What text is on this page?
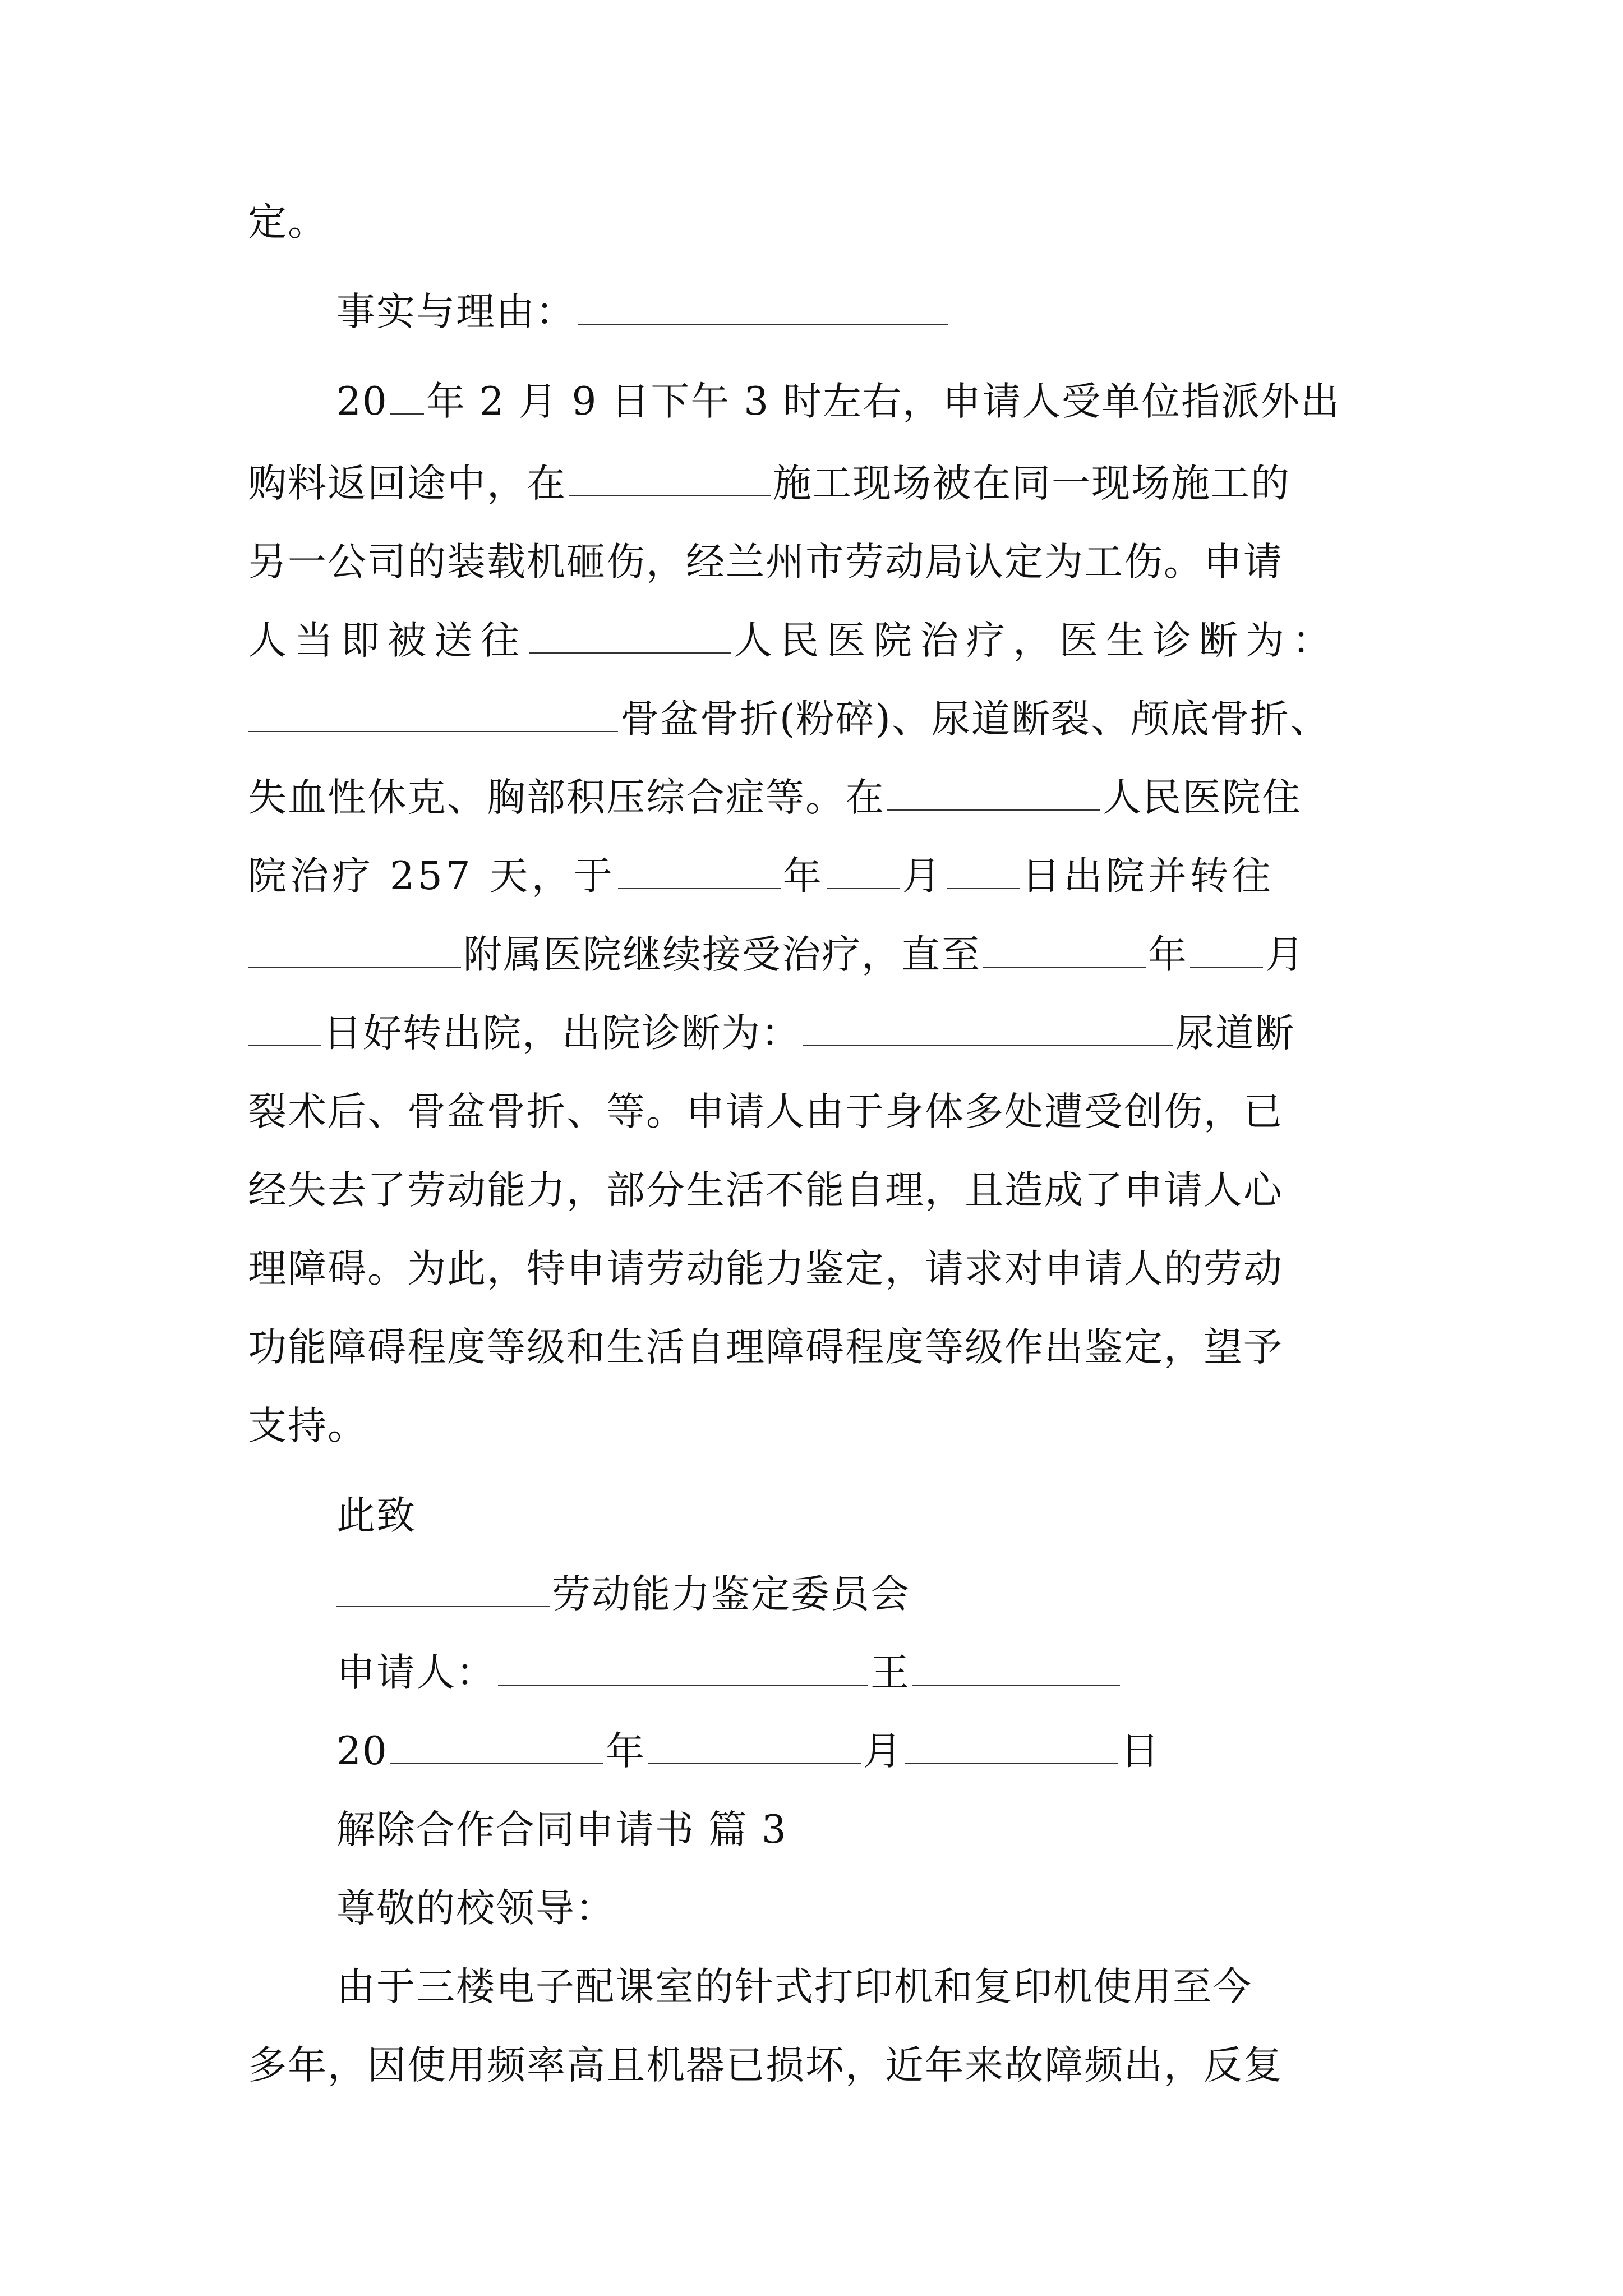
定。
事实与理由：
20 年 2 月 9 日下午 3 时左右，申请人受单位指派外出
购料返回途中，在	施工现场被在同一现场施工的
另一公司的装载机砸伤，经兰州市劳动局认定为工伤。申请
人当即被送往	人民医院治疗，医生诊断为：
骨盆骨折(粉碎)、尿道断裂、颅底骨折、
失血性休克、胸部积压综合症等。在	人民医院住
院治疗 257 天，于	年 月 日出院并转往
附属医院继续接受治疗，直至	年 月
日好转出院，出院诊断为：	尿道断
裂术后、骨盆骨折、等。申请人由于身体多处遭受创伤，已
经失去了劳动能力，部分生活不能自理，且造成了申请人心
理障碍。为此，特申请劳动能力鉴定，请求对申请人的劳动
功能障碍程度等级和生活自理障碍程度等级作出鉴定，望予
支持。
此致
劳动能力鉴定委员会
申请人：	王
20	年	月	日
解除合作合同申请书 篇 3
尊敬的校领导：
由于三楼电子配课室的针式打印机和复印机使用至今
多年，因使用频率高且机器已损坏，近年来故障频出，反复
